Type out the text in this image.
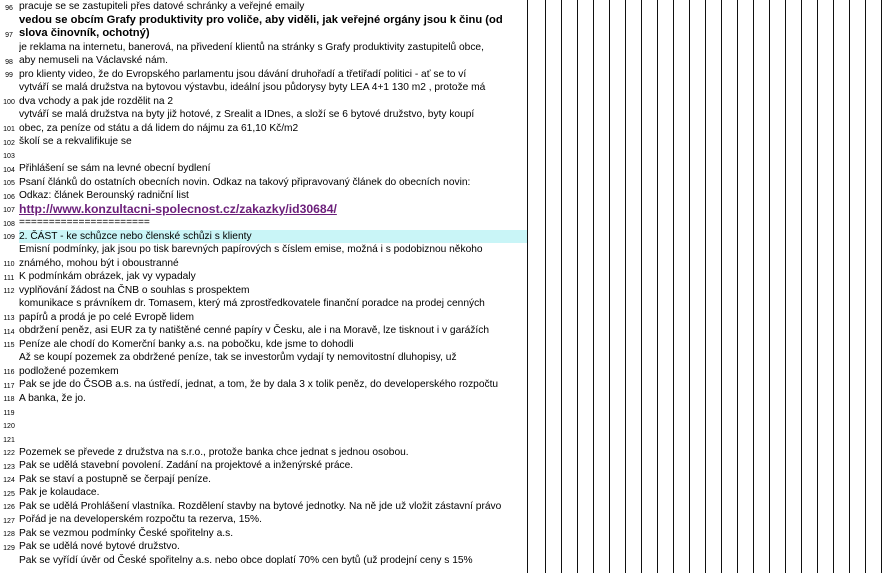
96 pracuje se se zastupiteli přes datové schránky a veřejné emaily
97
vedou se obcím Grafy produktivity pro voliče, aby viděli, jak veřejné orgány jsou k činu (od
slova činovník, ochotný)
98
je reklama na internetu, banerová, na přivedení klientů na stránky s Grafy produktivity zastupitelů obce,
aby nemuseli na Václavské nám.
99 pro klienty video, že do Evropského parlamentu jsou dávání druhořadí a třetiřadí politici - ať se to ví
100
vytváří se malá družstva na bytovou výstavbu, ideální jsou půdorysy byty LEA 4+1 130 m2 , protože má
dva vchody a pak jde rozdělit na 2
101
vytváří se malá družstva na byty již hotové, z Srealit a IDnes, a složí se 6 bytové družstvo, byty koupí
obec, za peníze od státu a dá lidem do nájmu za 61,10 Kč/m2
102 školí se a rekvalifikuje se
103
104 Přihlášení se sám na levné obecní bydlení
105 Psaní článků do ostatních obecních novin. Odkaz na takový připravovaný článek do obecních novin:
106 Odkaz: článek Berounský radniční list
107 http://www.konzultacni-spolecnost.cz/zakazky/id30684/
108 ======================
109 2. ČÁST - ke schůzce nebo členské schůzi s klienty
110
Emisní podmínky, jak jsou po tisk barevných papírových s číslem emise, možná i s podobiznou někoho
známého, mohou být i oboustranné
111 K podmínkám obrázek, jak vy vypadaly
112 vyplňování žádost na ČNB o souhlas s prospektem
113
komunikace s právníkem dr. Tomasem, který má zprostředkovatele finanční poradce na prodej cenných
papírů a prodá je po celé Evropě lidem
114 obdržení peněz, asi EUR za ty natištěné cenné papíry v Česku, ale i na Moravě, lze tisknout i v garážích
115 Peníze ale chodí do Komerční banky a.s. na pobočku, kde jsme to dohodli
116
Až se koupí pozemek za obdržené peníze, tak se investorům vydají ty nemovitostní dluhopisy, už
podložené pozemkem
117 Pak se jde do ČSOB a.s. na ústředí, jednat, a tom, že by dala 3 x tolik peněz, do developerského rozpočtu
118 A banka, že jo.
119
120
121
122 Pozemek se převede z družstva na s.r.o., protože banka chce jednat s jednou osobou.
123 Pak se udělá stavební povolení. Zadání na projektové a inženýrské práce.
124 Pak se staví a postupně se čerpají peníze.
125 Pak je kolaudace.
126 Pak se udělá Prohlášení vlastníka. Rozdělení stavby na bytové jednotky. Na ně jde už vložit zástavní právo
127 Pořád je na developerském rozpočtu ta rezerva, 15%.
128 Pak se vezmou podmínky České spořitelny a.s.
129 Pak se udělá nové bytové družstvo.
Pak se vyřídí úvěr od České spořitelny a.s. nebo obce doplatí 70% cen bytů (už prodejní ceny s 15%
